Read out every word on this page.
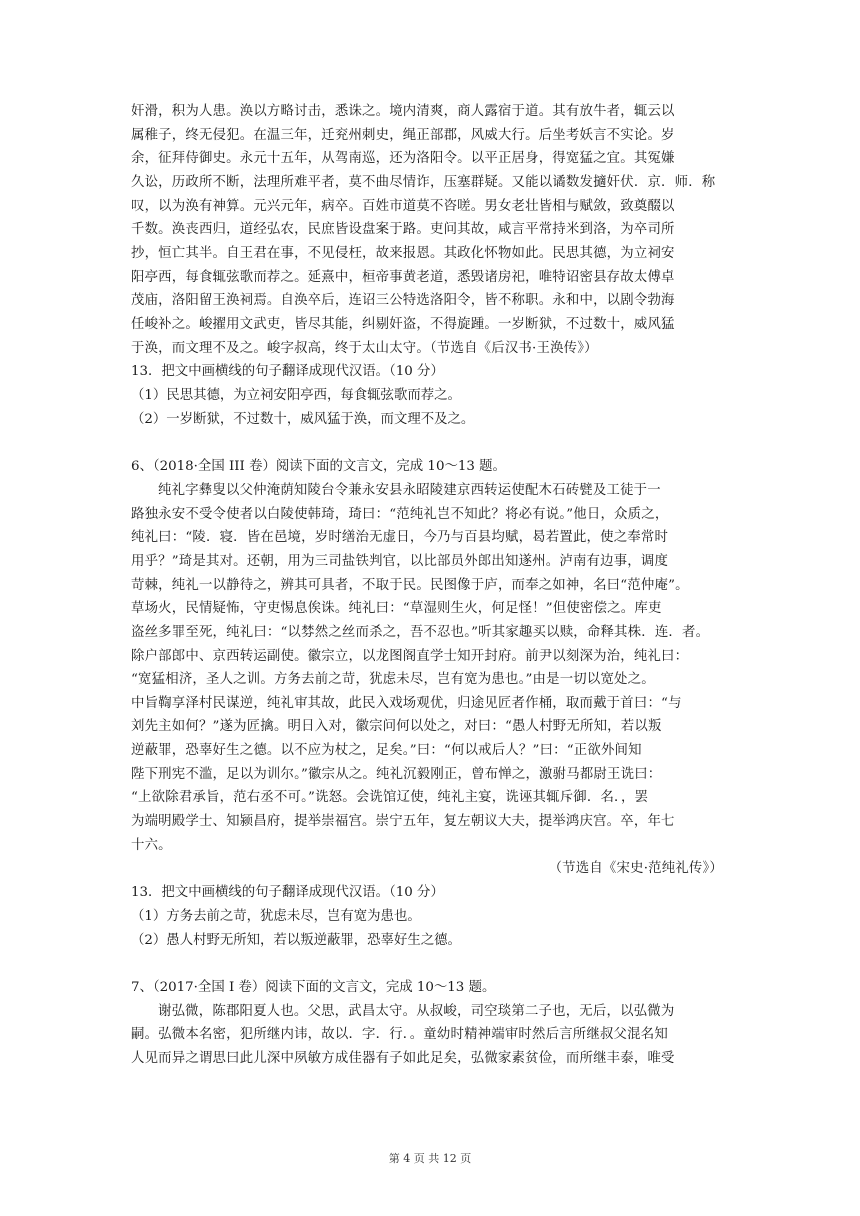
奸滑，积为人患。涣以方略讨击，悉诛之。境内清爽，商人露宿于道。其有放牛者，辄云以
属稚子，终无侵犯。在温三年，迁兖州刺史，绳正部郡，风威大行。后坐考妖言不实论。岁
余，征拜侍御史。永元十五年，从驾南巡，还为洛阳令。以平正居身，得宽猛之宜。其冤嫌
久讼，历政所不断，法理所难平者，莫不曲尽情诈，压塞群疑。又能以谲数发擿奸伏．京．师．称
叹，以为涣有神算。元兴元年，病卒。百姓市道莫不咨嗟。男女老壮皆相与赋敛，致奠醊以
千数。涣丧西归，道经弘农，民庶皆设盘案于路。吏问其故，咸言平常持米到洛，为卒司所
抄，恒亡其半。自王君在事，不见侵枉，故来报恩。其政化怀物如此。民思其德，为立祠安
阳亭西，每食辄弦歌而荐之。延熹中，桓帝事黄老道，悉毁诸房祀，唯特诏密县存故太傅卓
茂庙，洛阳留王涣祠焉。自涣卒后，连诏三公特选洛阳令，皆不称职。永和中，以剧令勃海
任峻补之。峻擢用文武吏，皆尽其能，纠剔奸盗，不得旋踵。一岁断狱，不过数十，威风猛
于涣，而文理不及之。峻字叔高，终于太山太守。（节选自《后汉书·王涣传》）
13．把文中画横线的句子翻译成现代汉语。（10 分）
（1）民思其德，为立祠安阳亭西，每食辄弦歌而荐之。
（2）一岁断狱，不过数十，威风猛于涣，而文理不及之。
6、（2018·全国 III 卷）阅读下面的文言文，完成 10～13 题。
纯礼字彝叟以父仲淹荫知陵台令兼永安县永昭陵建京西转运使配木石砖甓及工徒于一
路独永安不受令使者以白陵使韩琦，琦曰：“范纯礼岂不知此？将必有说。”他日，众质之，
纯礼曰：“陵．寝．皆在邑境，岁时缮治无虚日，今乃与百县均赋，曷若置此，使之奉常时
用乎？”琦是其对。还朝，用为三司盐铁判官，以比部员外郎出知遂州。泸南有边事，调度
苛棘，纯礼一以静待之，辨其可具者，不取于民。民图像于庐，而奉之如神，名曰“范仲庵”。
草场火，民情疑怖，守吏惕息俟诛。纯礼曰：“草湿则生火，何足怪！”但使密偿之。库吏
盗丝多罪至死，纯礼曰：“以棼然之丝而杀之，吾不忍也。”听其家趣买以赎，命释其株．连．者。
除户部郎中、京西转运副使。徽宗立，以龙图阁直学士知开封府。前尹以刻深为治，纯礼曰：
“宽猛相济，圣人之训。方务去前之苛，犹虑未尽，岂有宽为患也。”由是一切以宽处之。
中旨鞫享泽村民谋逆，纯礼审其故，此民入戏场观优，归途见匠者作桶，取而戴于首曰：“与
刘先主如何？”遂为匠擒。明日入对，徽宗问何以处之，对曰：“愚人村野无所知，若以叛
逆蔽罪，恐辜好生之德。以不应为杖之，足矣。”曰：“何以戒后人？”曰：“正欲外间知
陛下刑宪不滥，足以为训尔。”徽宗从之。纯礼沉毅刚正，曾布惮之，激驸马都尉王诜曰：
“上欲除君承旨，范右丞不可。”诜怒。会诜馆辽使，纯礼主宴，诜诬其辄斥御．名．，罢
为端明殿学士、知颍昌府，提举崇福宫。崇宁五年，复左朝议大夫，提举鸿庆宫。卒，年七
十六。
（节选自《宋史·范纯礼传》）
13．把文中画横线的句子翻译成现代汉语。（10 分）
（1）方务去前之苛，犹虑未尽，岂有宽为患也。
（2）愚人村野无所知，若以叛逆蔽罪，恐辜好生之德。
7、（2017·全国 I 卷）阅读下面的文言文，完成 10～13 题。
谢弘微，陈郡阳夏人也。父思，武昌太守。从叔峻，司空琰第二子也，无后，以弘微为
嗣。弘微本名密，犯所继内讳，故以．字．行．。童幼时精神端审时然后言所继叔父混名知
人见而异之谓思曰此儿深中夙敏方成佳器有子如此足矣，弘微家素贫俭，而所继丰泰，唯受
第 4 页 共 12 页
